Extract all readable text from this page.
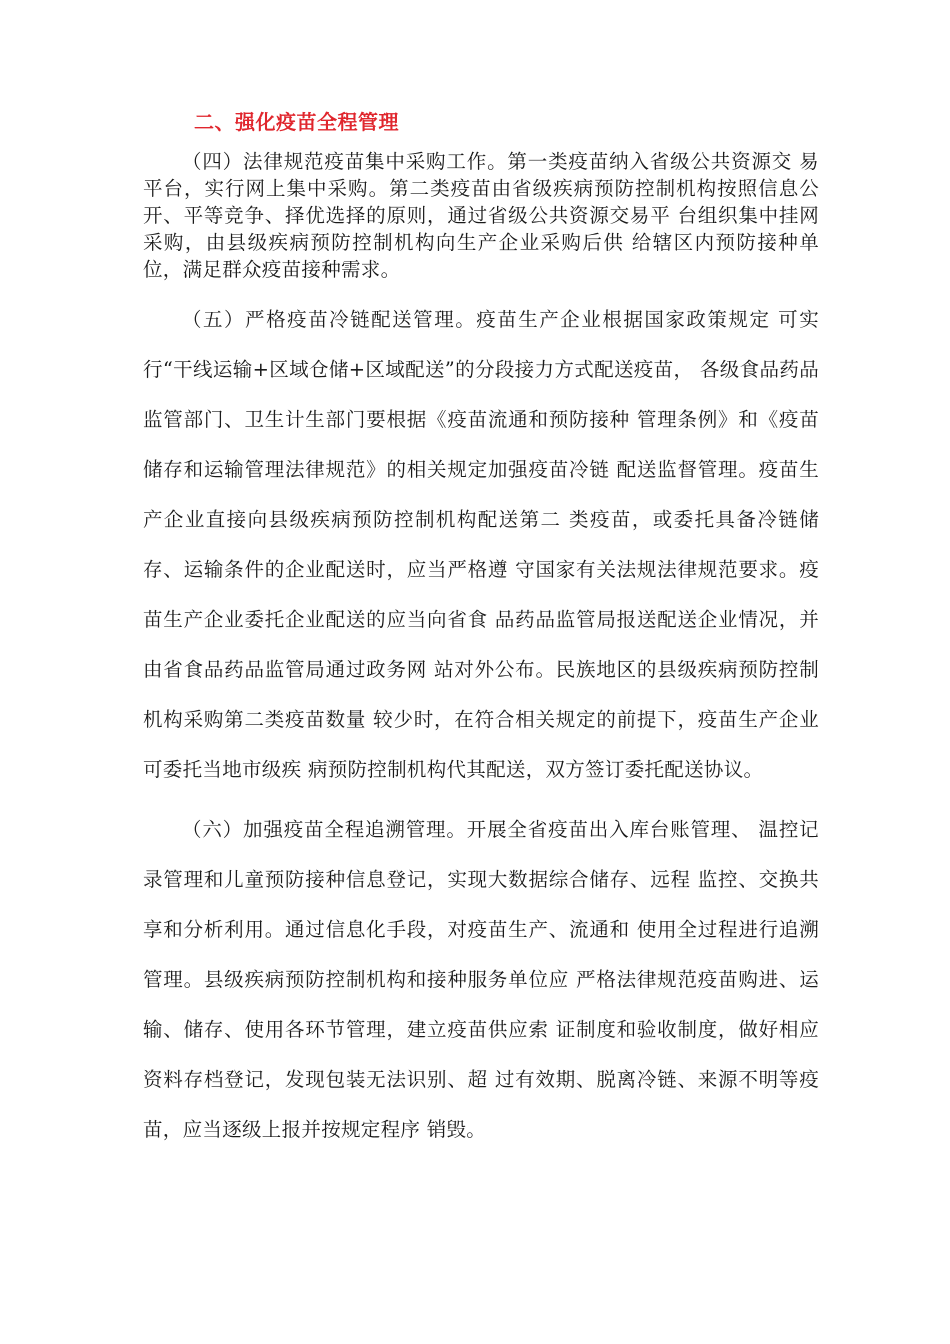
二、强化疫苗全程管理

（四）法律规范疫苗集中采购工作。第一类疫苗纳入省级公共资源交 易平台，实行网上集中采购。第二类疫苗由省级疾病预防控制机构按照信息公开、平等竞争、择优选择的原则，通过省级公共资源交易平 台组织集中挂网采购，由县级疾病预防控制机构向生产企业采购后供 给辖区内预防接种单位，满足群众疫苗接种需求。

（五）严格疫苗冷链配送管理。疫苗生产企业根据国家政策规定 可实行“干线运输+区域仓储+区域配送”的分段接力方式配送疫苗， 各级食品药品监管部门、卫生计生部门要根据《疫苗流通和预防接种 管理条例》和《疫苗储存和运输管理法律规范》的相关规定加强疫苗冷链 配送监督管理。疫苗生产企业直接向县级疾病预防控制机构配送第二 类疫苗，或委托具备冷链储存、运输条件的企业配送时，应当严格遵 守国家有关法规法律规范要求。疫苗生产企业委托企业配送的应当向省食 品药品监管局报送配送企业情况，并由省食品药品监管局通过政务网 站对外公布。民族地区的县级疾病预防控制机构采购第二类疫苗数量 较少时，在符合相关规定的前提下，疫苗生产企业可委托当地市级疾 病预防控制机构代其配送，双方签订委托配送协议。

（六）加强疫苗全程追溯管理。开展全省疫苗出入库台账管理、 温控记录管理和儿童预防接种信息登记，实现大数据综合储存、远程 监控、交换共享和分析利用。通过信息化手段，对疫苗生产、流通和 使用全过程进行追溯管理。县级疾病预防控制机构和接种服务单位应 严格法律规范疫苗购进、运输、储存、使用各环节管理，建立疫苗供应索 证制度和验收制度，做好相应资料存档登记，发现包装无法识别、超 过有效期、脱离冷链、来源不明等疫苗，应当逐级上报并按规定程序 销毁。
